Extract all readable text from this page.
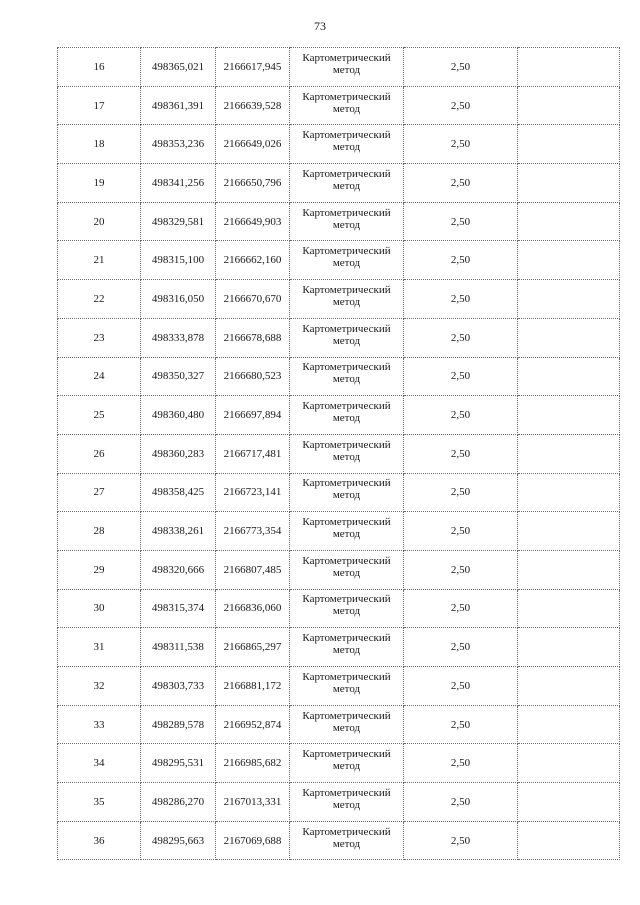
73
16	498365,021	2166617,945	Картометрический метод	2,50	
17	498361,391	2166639,528	Картометрический метод	2,50	
18	498353,236	2166649,026	Картометрический метод	2,50	
19	498341,256	2166650,796	Картометрический метод	2,50	
20	498329,581	2166649,903	Картометрический метод	2,50	
21	498315,100	2166662,160	Картометрический метод	2,50	
22	498316,050	2166670,670	Картометрический метод	2,50	
23	498333,878	2166678,688	Картометрический метод	2,50	
24	498350,327	2166680,523	Картометрический метод	2,50	
25	498360,480	2166697,894	Картометрический метод	2,50	
26	498360,283	2166717,481	Картометрический метод	2,50	
27	498358,425	2166723,141	Картометрический метод	2,50	
28	498338,261	2166773,354	Картометрический метод	2,50	
29	498320,666	2166807,485	Картометрический метод	2,50	
30	498315,374	2166836,060	Картометрический метод	2,50	
31	498311,538	2166865,297	Картометрический метод	2,50	
32	498303,733	2166881,172	Картометрический метод	2,50	
33	498289,578	2166952,874	Картометрический метод	2,50	
34	498295,531	2166985,682	Картометрический метод	2,50	
35	498286,270	2167013,331	Картометрический метод	2,50	
36	498295,663	2167069,688	Картометрический метод	2,50	
